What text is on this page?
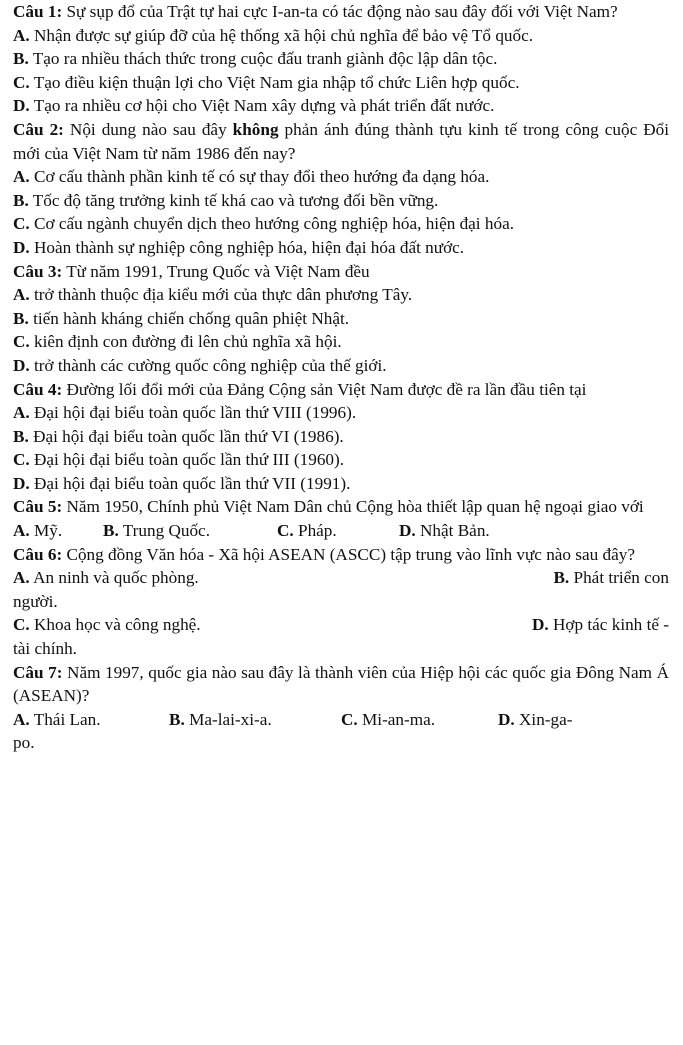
Câu 1: Sự sụp đổ của Trật tự hai cực I-an-ta có tác động nào sau đây đối với Việt Nam?

A. Nhận được sự giúp đỡ của hệ thống xã hội chủ nghĩa để bảo vệ Tổ quốc.

B. Tạo ra nhiều thách thức trong cuộc đấu tranh giành độc lập dân tộc.

C. Tạo điều kiện thuận lợi cho Việt Nam gia nhập tổ chức Liên hợp quốc.

D. Tạo ra nhiều cơ hội cho Việt Nam xây dựng và phát triển đất nước.

Câu 2: Nội dung nào sau đây không phản ánh đúng thành tựu kinh tế trong công cuộc Đổi mới của Việt Nam từ năm 1986 đến nay?

A. Cơ cấu thành phần kinh tế có sự thay đổi theo hướng đa dạng hóa.

B. Tốc độ tăng trưởng kinh tế khá cao và tương đối bền vững.

C. Cơ cấu ngành chuyển dịch theo hướng công nghiệp hóa, hiện đại hóa.

D. Hoàn thành sự nghiệp công nghiệp hóa, hiện đại hóa đất nước.

Câu 3: Từ năm 1991, Trung Quốc và Việt Nam đều

A. trở thành thuộc địa kiểu mới của thực dân phương Tây.

B. tiến hành kháng chiến chống quân phiệt Nhật.

C. kiên định con đường đi lên chủ nghĩa xã hội.

D. trở thành các cường quốc công nghiệp của thế giới.

Câu 4: Đường lối đổi mới của Đảng Cộng sản Việt Nam được đề ra lần đầu tiên tại

A. Đại hội đại biểu toàn quốc lần thứ VIII (1996).

B. Đại hội đại biểu toàn quốc lần thứ VI (1986).

C. Đại hội đại biểu toàn quốc lần thứ III (1960).

D. Đại hội đại biểu toàn quốc lần thứ VII (1991).

Câu 5: Năm 1950, Chính phủ Việt Nam Dân chủ Cộng hòa thiết lập quan hệ ngoại giao với

A. Mỹ.	B. Trung Quốc.	C. Pháp.	D. Nhật Bản.

Câu 6: Cộng đồng Văn hóa - Xã hội ASEAN (ASCC) tập trung vào lĩnh vực nào sau đây?

A. An ninh và quốc phòng.	B. Phát triển con

người.

C. Khoa học và công nghệ.	D. Hợp tác kinh tế -

tài chính.

Câu 7: Năm 1997, quốc gia nào sau đây là thành viên của Hiệp hội các quốc gia Đông Nam Á (ASEAN)?

A. Thái Lan.	B. Ma-lai-xi-a.	C. Mi-an-ma.	D. Xin-ga-

po.
